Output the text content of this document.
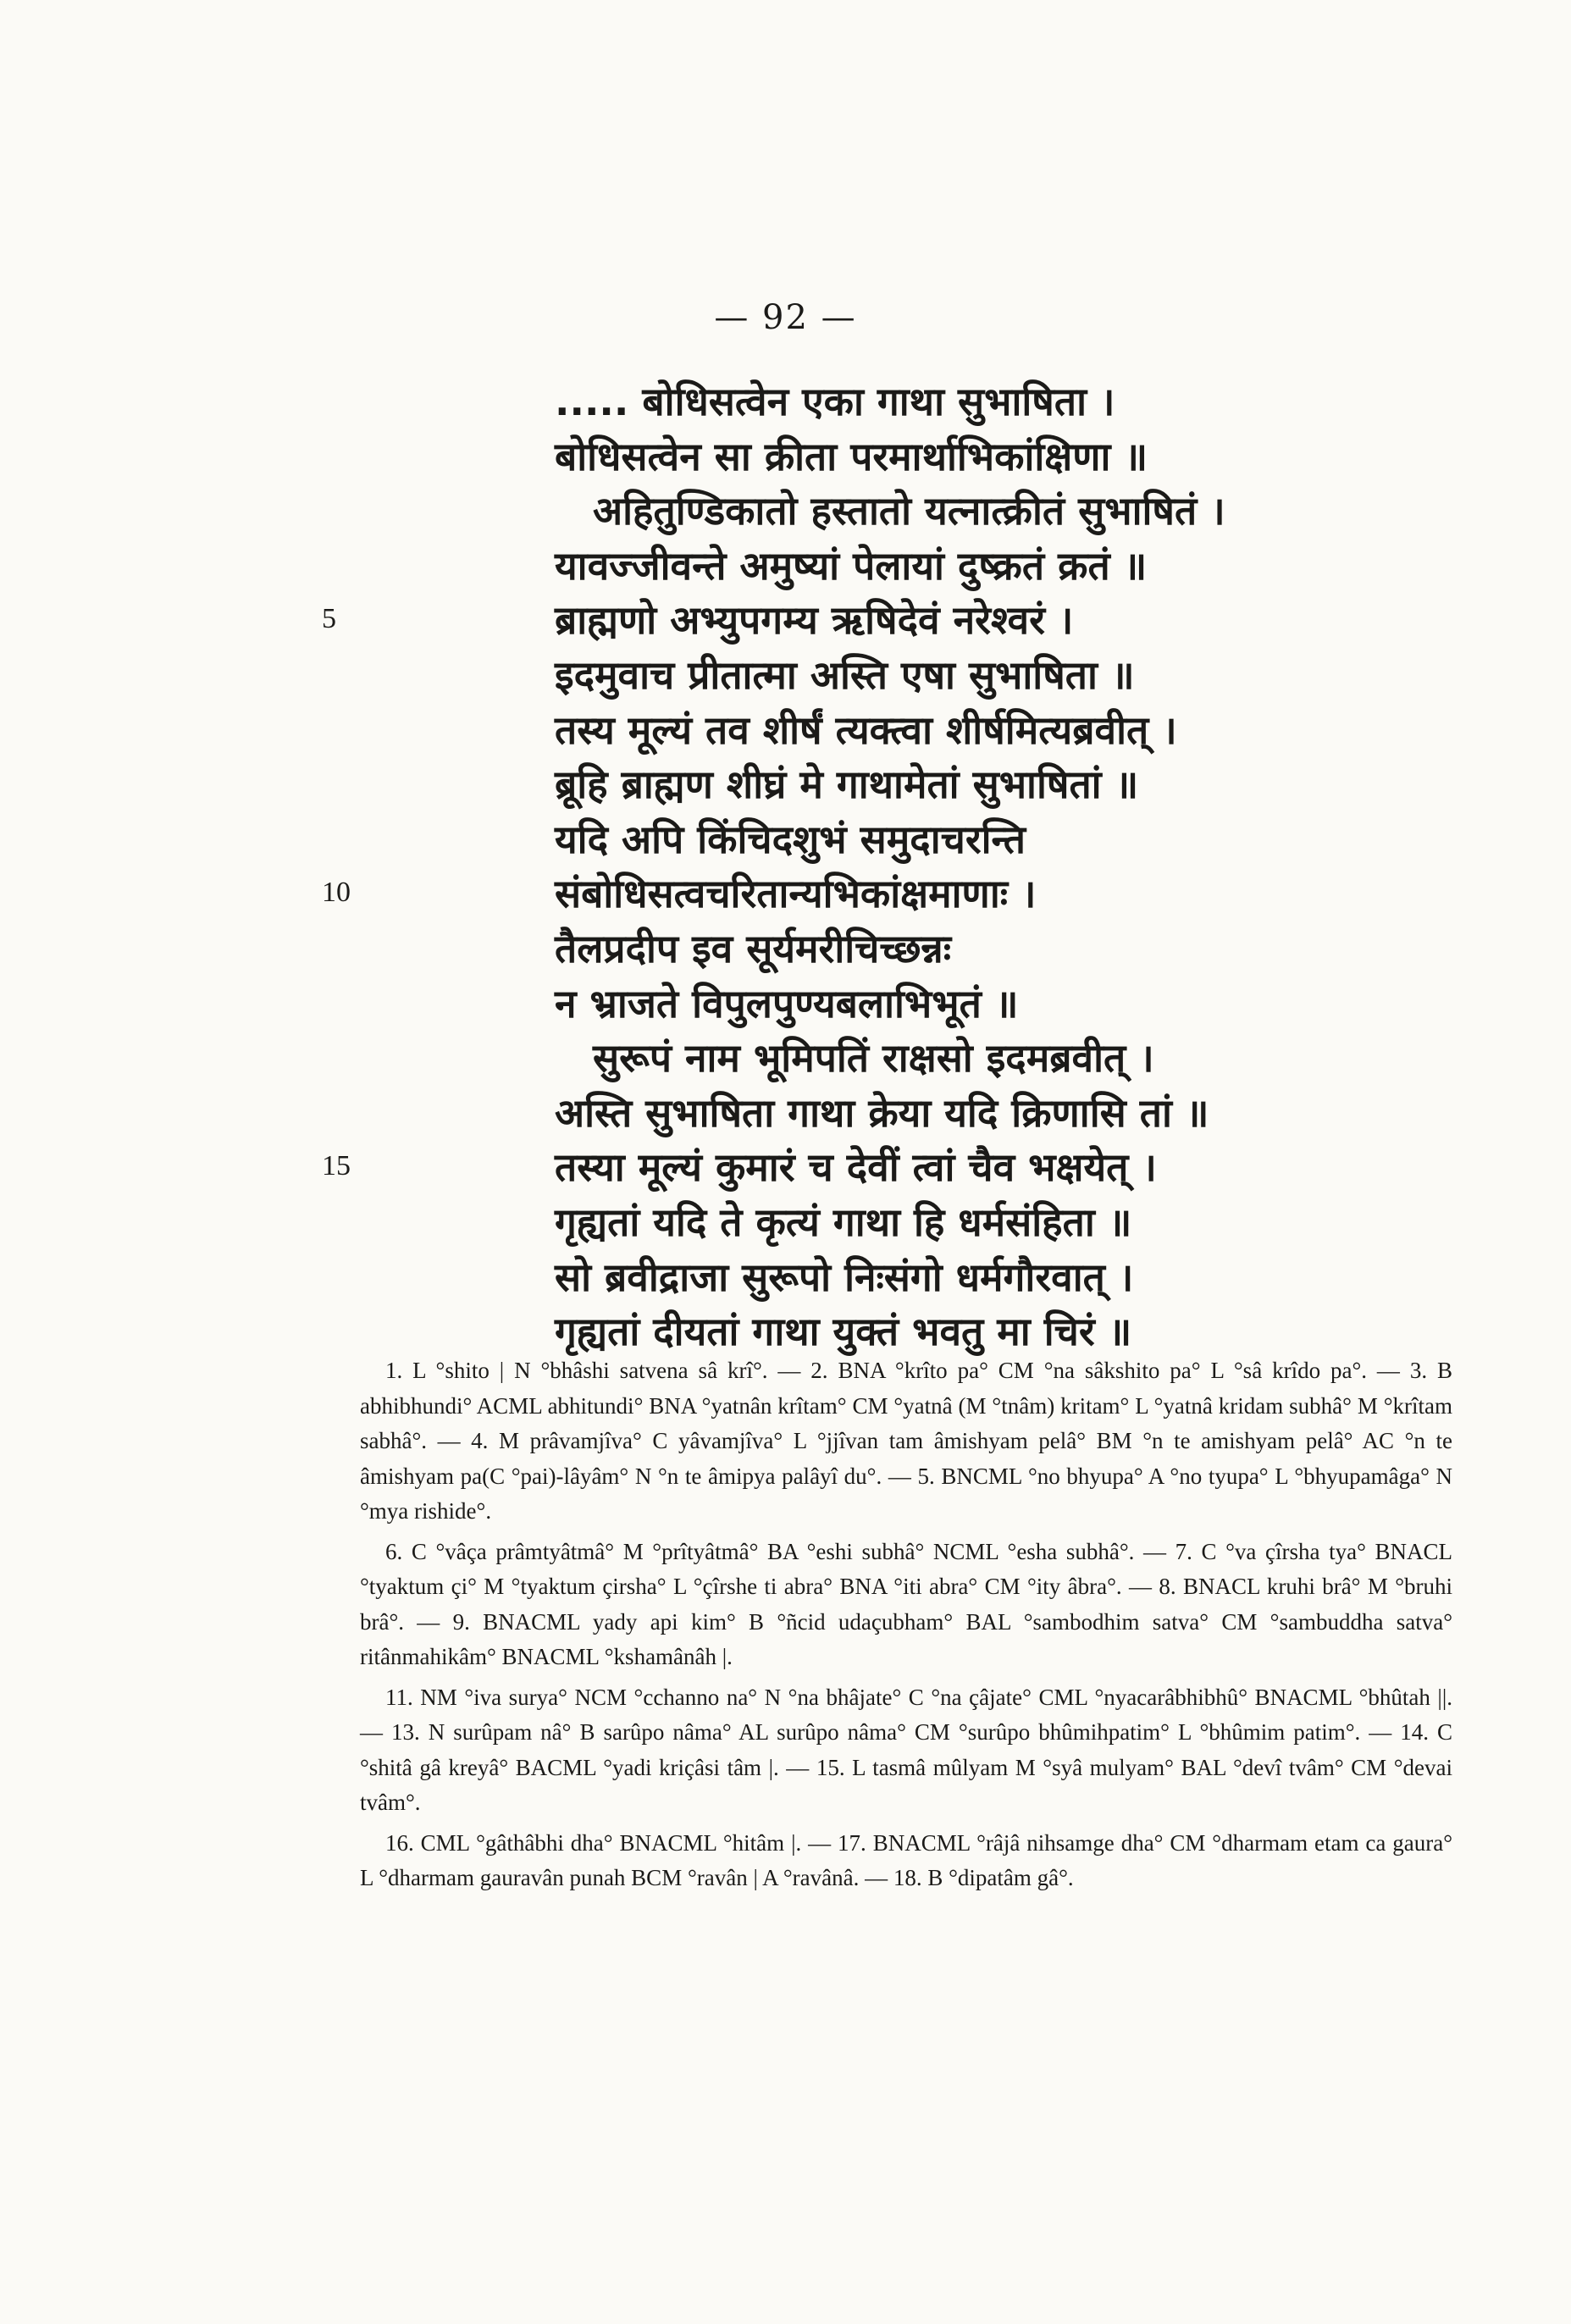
— 92 —
..... बोधिसत्वेन एका गाथा सुभाषिता ।
बोधिसत्वेन सा क्रीता परमार्थाभिकांक्षिणा ॥
अहितुण्डिकातो हस्तातो यत्नात्क्रीतं सुभाषितं ।
यावज्जीवन्ते अमुष्यां पेलायां दुष्क्रतं क्रतं ॥
ब्राह्मणो अभ्युपगम्य ऋषिदेवं नरेश्वरं ।
इदमुवाच प्रीतात्मा अस्ति एषा सुभाषिता ॥
तस्य मूल्यं तव शीर्षं त्यक्त्वा शीर्षमित्यब्रवीत् ।
ब्रूहि ब्राह्मण शीघ्रं मे गाथामेतां सुभाषितां ॥
यदि अपि किंचिदशुभं समुदाचरन्ति
संबोधिसत्वचरितान्यभिकांक्षमाणाः ।
तैलप्रदीप इव सूर्यमरीचिच्छन्नः
न भ्राजते विपुलपुण्यबलाभिभूतं ॥
सुरूपं नाम भूमिपतिं राक्षसो इदमब्रवीत् ।
अस्ति सुभाषिता गाथा क्रेया यदि क्रिणासि तां ॥
तस्या मूल्यं कुमारं च देवीं त्वां चैव भक्षयेत् ।
गृह्यतां यदि ते कृत्यं गाथा हि धर्मसंहिता ॥
सो ब्रवीद्राजा सुरूपो निःसंगो धर्मगौरवात् ।
गृह्यतां दीयतां गाथा युक्तं भवतु मा चिरं ॥
5
10
15

1. L °shito | N °bhâshi satvena sâ krî°. — 2. BNA °krîto pa° CM °na sâkshito pa° L °sâ krîdo pa°. — 3. B abhibhundi° ACML abhitundi° BNA °yatnân krîtam° CM °yatnâ (M °tnâm) kritam° L °yatnâ kridam subhâ° M °krîtam sabhâ°. — 4. M prâvamjîva° C yâvamjîva° L °jjîvan tam âmishyam pelâ° BM °n te amishyam pelâ° AC °n te âmishyam pa(C °pai)-lâyâm° N °n te âmipya palâyî du°. — 5. BNCML °no bhyupa° A °no tyupa° L °bhyupamâga° N °mya rishide°.

6. C °vâça prâmtyâtmâ° M °prîtyâtmâ° BA °eshi subhâ° NCML °esha subhâ°. — 7. C °va çîrsha tya° BNACL °tyaktum çi° M °tyaktum çirsha° L °çîrshe ti abra° BNA °iti abra° CM °ity âbra°. — 8. BNACL kruhi brâ° M °bruhi brâ°. — 9. BNACML yady api kim° B °ñcid udaçubham° BAL °sambodhim satva° CM °sambuddha satva° ritânmahikâm° BNACML °kshamânâh |.

11. NM °iva surya° NCM °cchanno na° N °na bhâjate° C °na çâjate° CML °nyacarâbhibhû° BNACML °bhûtah ||. — 13. N surûpam nâ° B sarûpo nâma° AL surûpo nâma° CM °surûpo bhûmihpatim° L °bhûmim patim°. — 14. C °shitâ gâ kreyâ° BACML °yadi kriçâsi tâm |. — 15. L tasmâ mûlyam M °syâ mulyam° BAL °devî tvâm° CM °devai tvâm°.

16. CML °gâthâbhi dha° BNACML °hitâm |. — 17. BNACML °râjâ nihsamge dha° CM °dharmam etam ca gaura° L °dharmam gauravân punah BCM °ravân | A °ravânâ. — 18. B °dipatâm gâ°.
